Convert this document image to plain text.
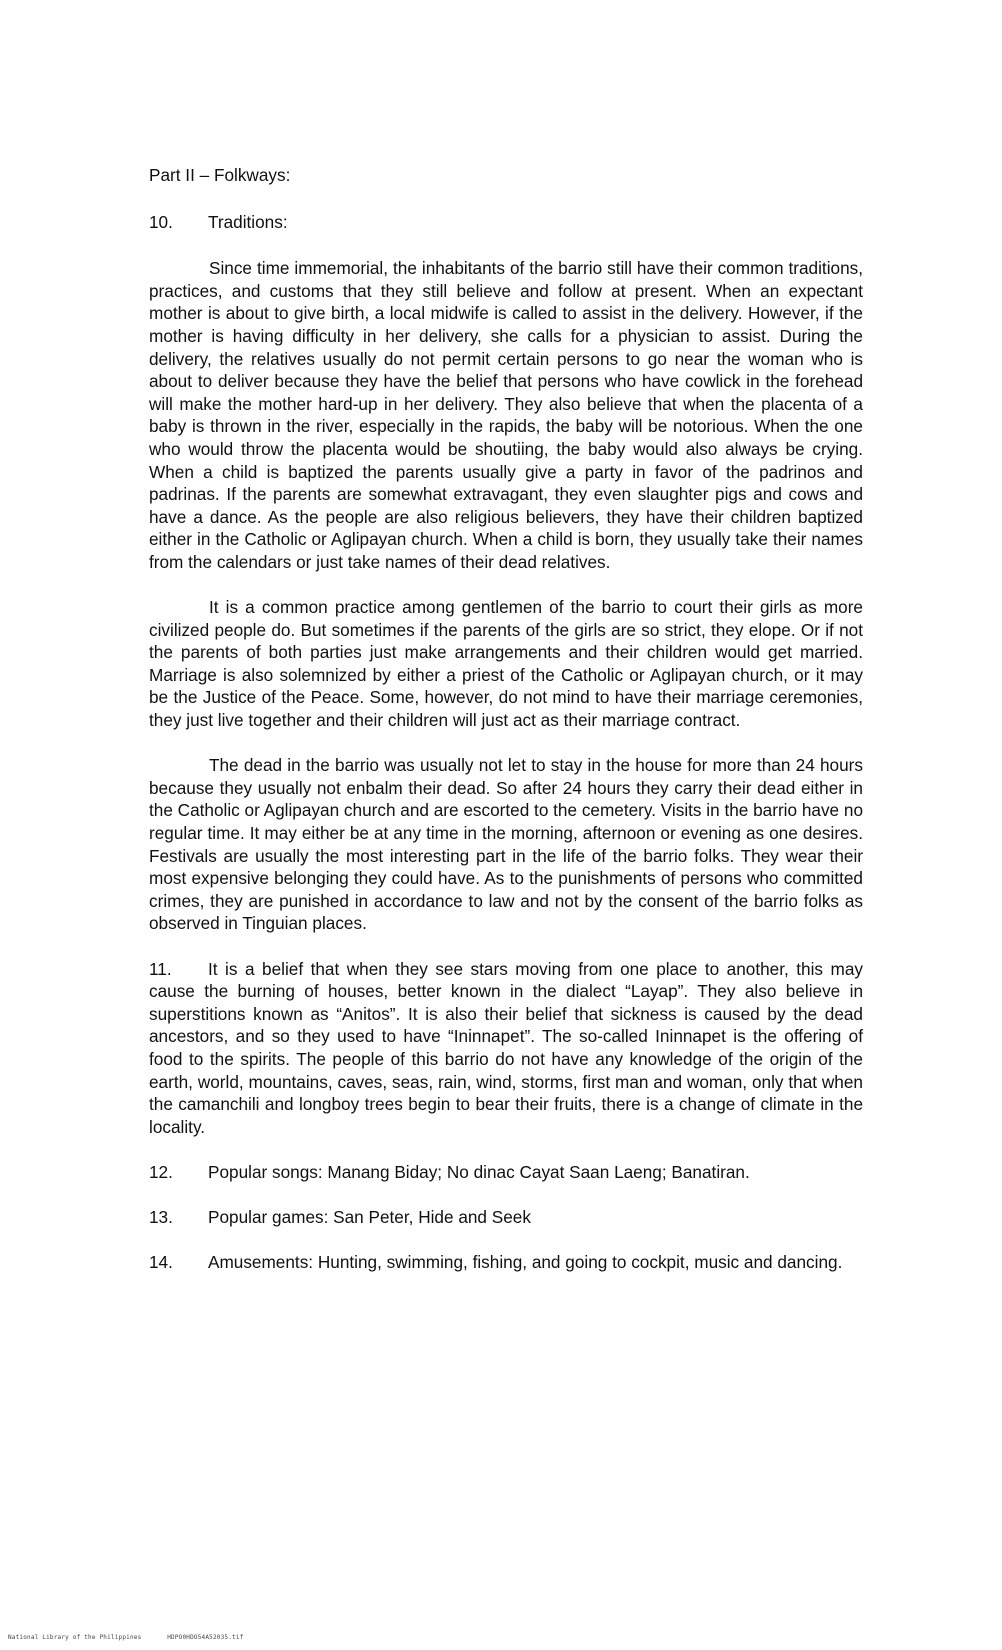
Part II – Folkways:
10.	Traditions:

Since time immemorial, the inhabitants of the barrio still have their common traditions, practices, and customs that they still believe and follow at present. When an expectant mother is about to give birth, a local midwife is called to assist in the delivery. However, if the mother is having difficulty in her delivery, she calls for a physician to assist. During the delivery, the relatives usually do not permit certain persons to go near the woman who is about to deliver because they have the belief that persons who have cowlick in the forehead will make the mother hard-up in her delivery. They also believe that when the placenta of a baby is thrown in the river, especially in the rapids, the baby will be notorious. When the one who would throw the placenta would be shoutiing, the baby would also always be crying. When a child is baptized the parents usually give a party in favor of the padrinos and padrinas. If the parents are somewhat extravagant, they even slaughter pigs and cows and have a dance. As the people are also religious believers, they have their children baptized either in the Catholic or Aglipayan church. When a child is born, they usually take their names from the calendars or just take names of their dead relatives.

It is a common practice among gentlemen of the barrio to court their girls as more civilized people do. But sometimes if the parents of the girls are so strict, they elope. Or if not the parents of both parties just make arrangements and their children would get married. Marriage is also solemnized by either a priest of the Catholic or Aglipayan church, or it may be the Justice of the Peace. Some, however, do not mind to have their marriage ceremonies, they just live together and their children will just act as their marriage contract.

The dead in the barrio was usually not let to stay in the house for more than 24 hours because they usually not enbalm their dead. So after 24 hours they carry their dead either in the Catholic or Aglipayan church and are escorted to the cemetery. Visits in the barrio have no regular time. It may either be at any time in the morning, afternoon or evening as one desires. Festivals are usually the most interesting part in the life of the barrio folks. They wear their most expensive belonging they could have. As to the punishments of persons who committed crimes, they are punished in accordance to law and not by the consent of the barrio folks as observed in Tinguian places.

11. It is a belief that when they see stars moving from one place to another, this may cause the burning of houses, better known in the dialect “Layap”. They also believe in superstitions known as “Anitos”. It is also their belief that sickness is caused by the dead ancestors, and so they used to have “Ininnapet”. The so-called Ininnapet is the offering of food to the spirits. The people of this barrio do not have any knowledge of the origin of the earth, world, mountains, caves, seas, rain, wind, storms, first man and woman, only that when the camanchili and longboy trees begin to bear their fruits, there is a change of climate in the locality.

12.	Popular songs: Manang Biday; No dinac Cayat Saan Laeng; Banatiran.
13.	Popular games: San Peter, Hide and Seek
14.	Amusements: Hunting, swimming, fishing, and going to cockpit, music and dancing.
National Library of the Philippines	HDPO0HDO54A52035.tif
